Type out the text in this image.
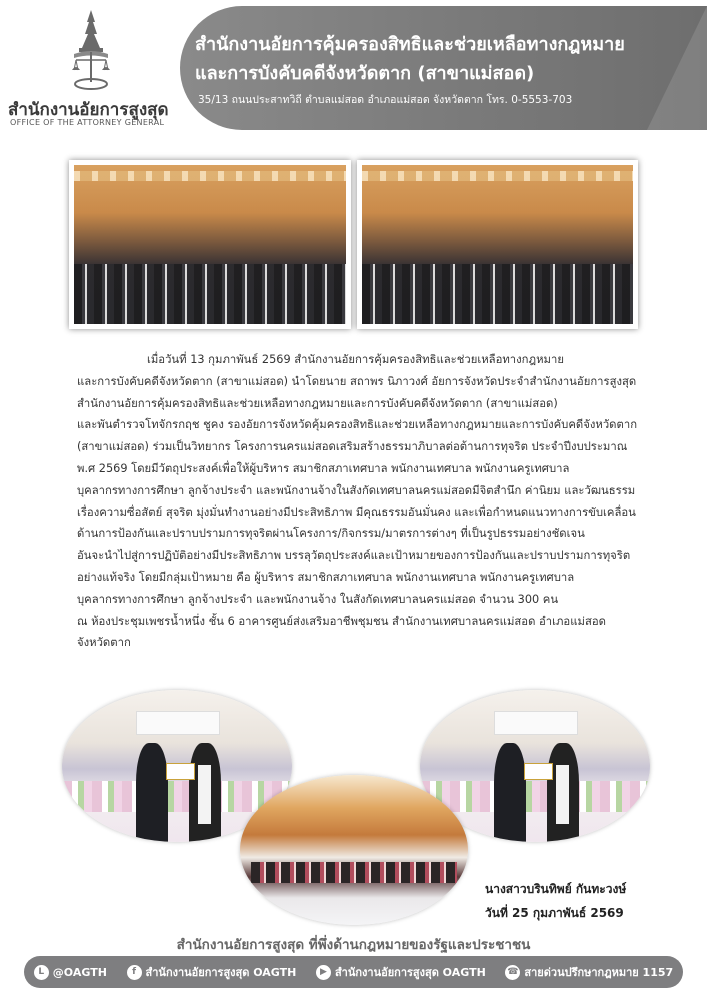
สำนักงานอัยการสูงสุด
OFFICE OF THE ATTORNEY GENERAL
สำนักงานอัยการคุ้มครองสิทธิและช่วยเหลือทางกฎหมาย
และการบังคับคดีจังหวัดตาก (สาขาแม่สอด)
35/13 ถนนประสาทวิถี ตำบลแม่สอด อำเภอแม่สอด จังหวัดตาก โทร. 0-5553-703
เมื่อวันที่ 13 กุมภาพันธ์ 2569 สำนักงานอัยการคุ้มครองสิทธิและช่วยเหลือทางกฎหมาย
และการบังคับคดีจังหวัดตาก (สาขาแม่สอด) นำโดยนาย สถาพร นิภาวงศ์ อัยการจังหวัดประจำสำนักงานอัยการสูงสุด
สำนักงานอัยการคุ้มครองสิทธิและช่วยเหลือทางกฎหมายและการบังคับคดีจังหวัดตาก (สาขาแม่สอด)
และพันตำรวจโทจักรกฤช ชูคง รองอัยการจังหวัดคุ้มครองสิทธิและช่วยเหลือทางกฎหมายและการบังคับคดีจังหวัดตาก
(สาขาแม่สอด) ร่วมเป็นวิทยากร โครงการนครแม่สอดเสริมสร้างธรรมาภิบาลต่อต้านการทุจริต ประจำปีงบประมาณ
พ.ศ 2569 โดยมีวัตถุประสงค์เพื่อให้ผู้บริหาร สมาชิกสภาเทศบาล พนักงานเทศบาล พนักงานครูเทศบาล
บุคลากรทางการศึกษา ลูกจ้างประจำ และพนักงานจ้างในสังกัดเทศบาลนครแม่สอดมีจิตสำนึก ค่านิยม และวัฒนธรรม
เรื่องความซื่อสัตย์ สุจริต มุ่งมั่นทำงานอย่างมีประสิทธิภาพ มีคุณธรรมอันมั่นคง และเพื่อกำหนดแนวทางการขับเคลื่อน
ด้านการป้องกันและปราบปรามการทุจริตผ่านโครงการ/กิจกรรม/มาตรการต่างๆ ที่เป็นรูปธรรมอย่างชัดเจน
อันจะนำไปสู่การปฏิบัติอย่างมีประสิทธิภาพ บรรลุวัตถุประสงค์และเป้าหมายของการป้องกันและปราบปรามการทุจริต
อย่างแท้จริง โดยมีกลุ่มเป้าหมาย คือ ผู้บริหาร สมาชิกสภาเทศบาล พนักงานเทศบาล พนักงานครูเทศบาล
บุคลากรทางการศึกษา ลูกจ้างประจำ และพนักงานจ้าง ในสังกัดเทศบาลนครแม่สอด จำนวน 300 คน
ณ ห้องประชุมเพชรน้ำหนึ่ง ชั้น 6 อาคารศูนย์ส่งเสริมอาชีพชุมชน สำนักงานเทศบาลนครแม่สอด อำเภอแม่สอด
จังหวัดตาก
นางสาวบรินทิพย์ กันทะวงษ์
วันที่ 25 กุมภาพันธ์ 2569
สำนักงานอัยการสูงสุด ที่พึ่งด้านกฎหมายของรัฐและประชาชน
L @OAGTH	f สำนักงานอัยการสูงสุด OAGTH	▶ สำนักงานอัยการสูงสุด OAGTH ☎ สายด่วนปรึกษากฎหมาย 1157
